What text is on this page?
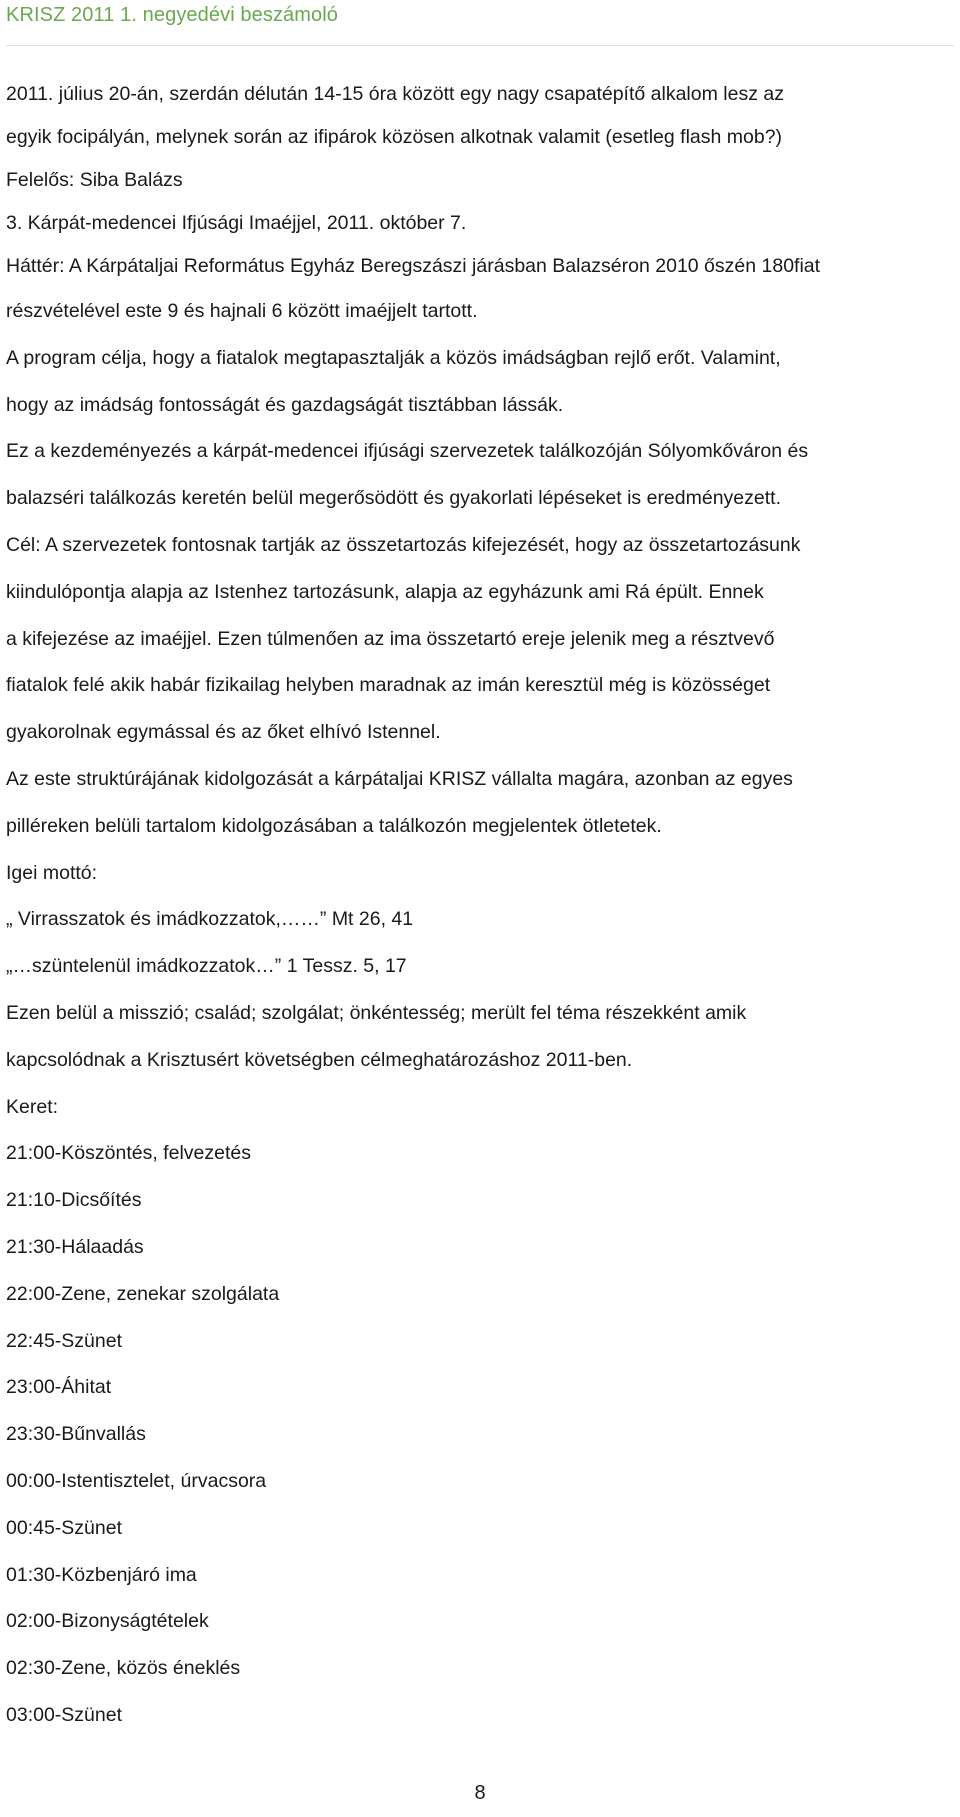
KRISZ 2011 1. negyedévi beszámoló
2011. július 20-án, szerdán délután 14-15 óra között egy nagy csapatépítő alkalom lesz az
egyik focipályán, melynek során az ifipárok közösen alkotnak valamit (esetleg flash mob?)
Felelős: Siba Balázs
3. Kárpát-medencei Ifjúsági Imaéjjel, 2011. október 7.
Háttér: A Kárpátaljai Református Egyház Beregszászi járásban Balazséron 2010 őszén 180fiat
részvételével este 9 és hajnali 6 között imaéjjelt tartott.
A program célja, hogy a fiatalok megtapasztalják a közös imádságban rejlő erőt. Valamint,
hogy az imádság fontosságát és gazdagságát tisztábban lássák.
Ez a kezdeményezés a kárpát-medencei ifjúsági szervezetek találkozóján Sólyomkőváron és
balazséri találkozás keretén belül megerősödött és gyakorlati lépéseket is eredményezett.
Cél: A szervezetek fontosnak tartják az összetartozás kifejezését, hogy az összetartozásunk
kiindulópontja alapja az Istenhez tartozásunk, alapja az egyházunk ami Rá épült. Ennek
a kifejezése az imaéjjel. Ezen túlmenően az ima összetartó ereje jelenik meg a résztvevő
fiatalok felé akik habár fizikailag helyben maradnak az imán keresztül még is közösséget
gyakorolnak egymással és az őket elhívó Istennel.
Az este struktúrájának kidolgozását a kárpátaljai KRISZ vállalta magára, azonban az egyes
pilléreken belüli tartalom kidolgozásában a találkozón megjelentek ötletetek.
Igei mottó:
„ Virrasszatok és imádkozzatok,……” Mt 26, 41
„…szüntelenül imádkozzatok…” 1 Tessz. 5, 17
Ezen belül a misszió; család; szolgálat; önkéntesség; merült fel téma részekként amik
kapcsolódnak a Krisztusért követségben célmeghatározáshoz 2011-ben.
Keret:
21:00-Köszöntés, felvezetés
21:10-Dicsőítés
21:30-Hálaadás
22:00-Zene, zenekar szolgálata
22:45-Szünet
23:00-Áhitat
23:30-Bűnvallás
00:00-Istentisztelet, úrvacsora
00:45-Szünet
01:30-Közbenjáró ima
02:00-Bizonyságtételek
02:30-Zene, közös éneklés
03:00-Szünet
8
